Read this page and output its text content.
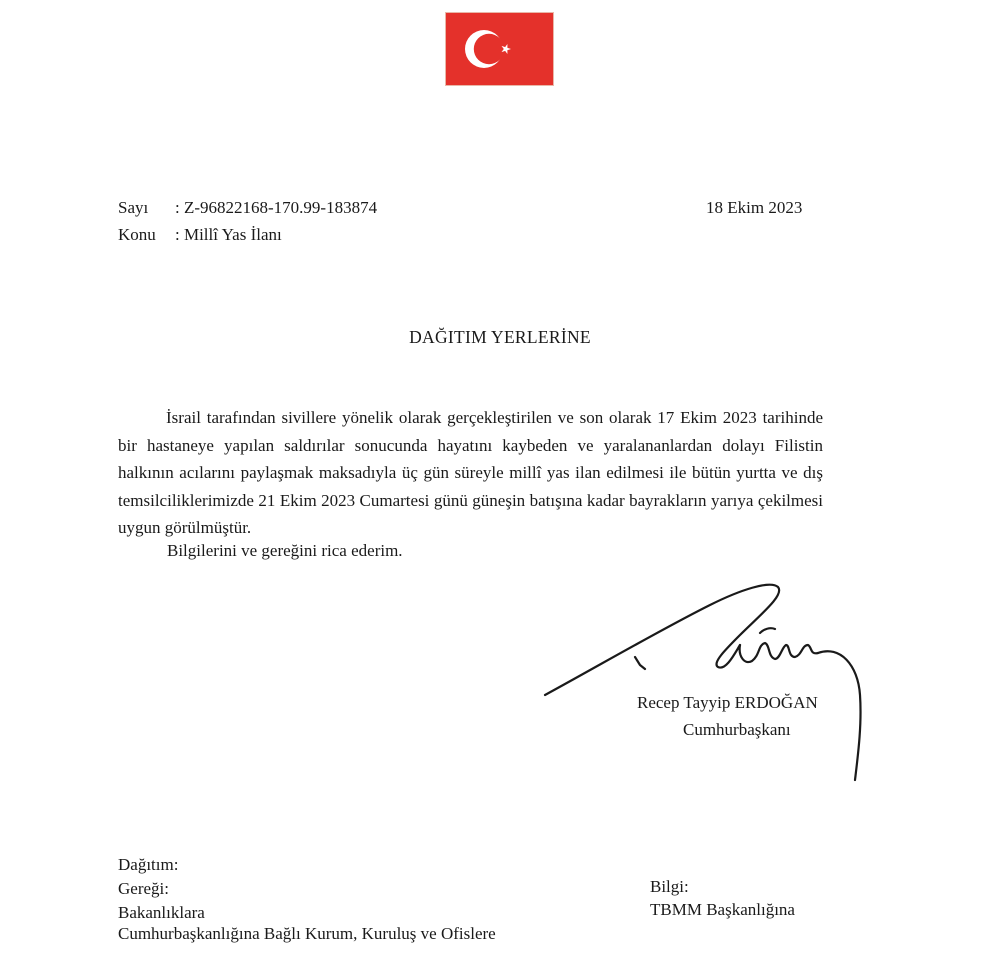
Sayı : Z-96822168-170.99-183874
Konu : Millî Yas İlanı
18 Ekim 2023
DAĞITIM YERLERİNE

İsrail tarafından sivillere yönelik olarak gerçekleştirilen ve son olarak 17 Ekim 2023 tarihinde bir hastaneye yapılan saldırılar sonucunda hayatını kaybeden ve yaralananlardan dolayı Filistin halkının acılarını paylaşmak maksadıyla üç gün süreyle millî yas ilan edilmesi ile bütün yurtta ve dış temsilciliklerimizde 21 Ekim 2023 Cumartesi günü güneşin batışına kadar bayrakların yarıya çekilmesi uygun görülmüştür.

Bilgilerini ve gereğini rica ederim.
Recep Tayyip ERDOĞAN
Cumhurbaşkanı
Dağıtım:
Gereği:
Bakanlıklara
Cumhurbaşkanlığına Bağlı Kurum, Kuruluş ve Ofislere
Bilgi:
TBMM Başkanlığına
